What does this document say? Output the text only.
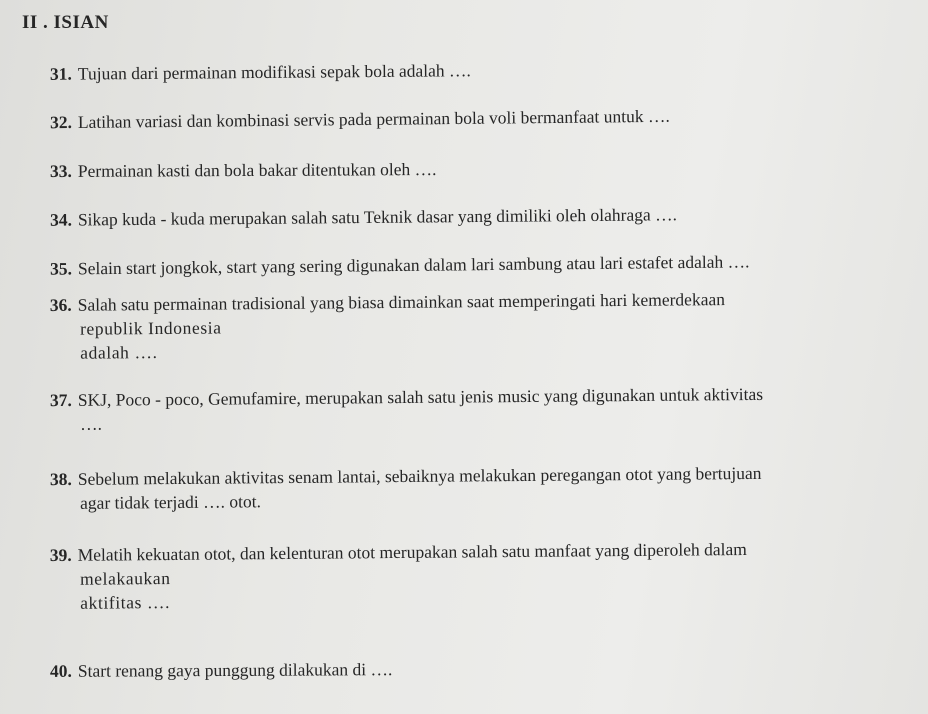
II . ISIAN
31. Tujuan dari permainan modifikasi sepak bola adalah ….
32. Latihan variasi dan kombinasi servis pada permainan bola voli bermanfaat untuk ….
33. Permainan kasti dan bola bakar ditentukan oleh ….
34. Sikap kuda - kuda merupakan salah satu Teknik dasar yang dimiliki oleh olahraga ….
35. Selain start jongkok, start yang sering digunakan dalam lari sambung atau lari estafet adalah ….
36. Salah satu permainan tradisional yang biasa dimainkan saat memperingati hari kemerdekaan
republik Indonesia
adalah ….
37. SKJ, Poco - poco, Gemufamire, merupakan salah satu jenis music yang digunakan untuk aktivitas
….
38. Sebelum melakukan aktivitas senam lantai, sebaiknya melakukan peregangan otot yang bertujuan
agar tidak terjadi …. otot.
39. Melatih kekuatan otot, dan kelenturan otot merupakan salah satu manfaat yang diperoleh dalam
melakaukan
aktifitas ….
40. Start renang gaya punggung dilakukan di ….
